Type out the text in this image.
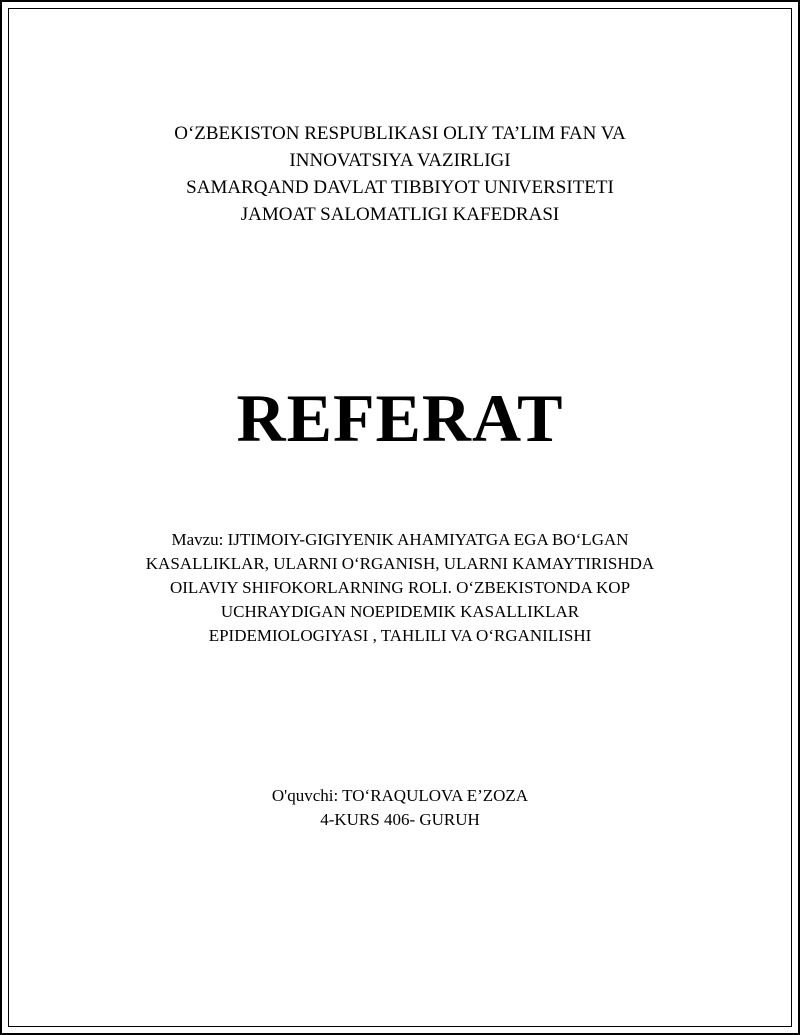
O‘ZBEKISTON RESPUBLIKASI OLIY TA’LIM FAN VA
INNOVATSIYA VAZIRLIGI
SAMARQAND DAVLAT TIBBIYOT UNIVERSITETI
JAMOAT SALOMATLIGI KAFEDRASI
REFERAT
Mavzu: IJTIMOIY-GIGIYENIK AHAMIYATGA EGA BO‘LGAN
KASALLIKLAR, ULARNI O‘RGANISH, ULARNI KAMAYTIRISHDA
OILAVIY SHIFOKORLARNING ROLI. O‘ZBEKISTONDA KOP
UCHRAYDIGAN NOEPIDEMIK KASALLIKLAR
EPIDEMIOLOGIYASI , TAHLILI VA O‘RGANILISHI
O'quvchi: TO‘RAQULOVA E’ZOZA
4-KURS 406- GURUH
